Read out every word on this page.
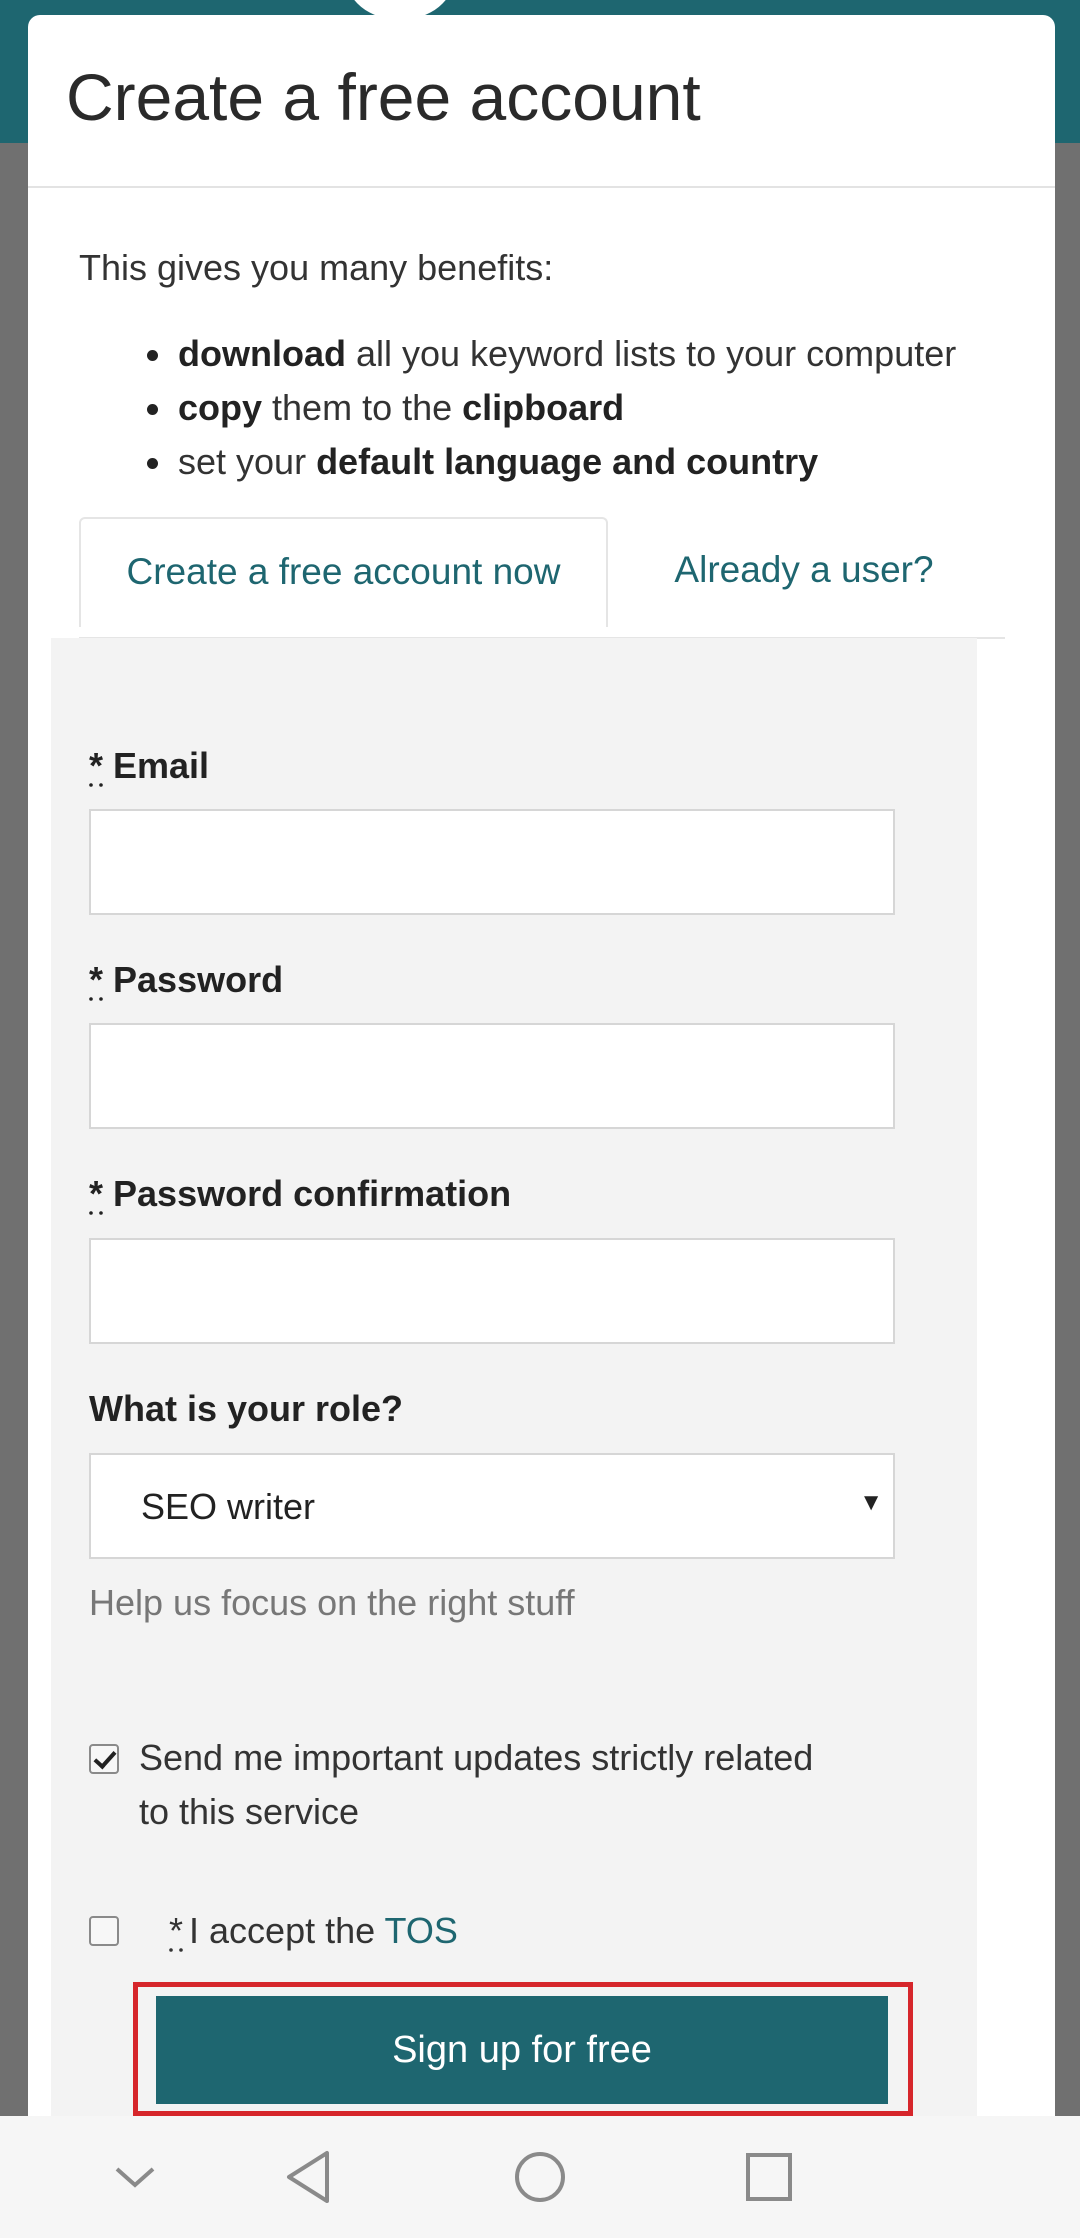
Create a free account
This gives you many benefits:
download all you keyword lists to your computer
copy them to the clipboard
set your default language and country
Create a free account now	Already a user?
* Email
* Password
* Password confirmation
What is your role?
SEO writer	▼
Help us focus on the right stuff
Send me important updates strictly related
to this service
* I accept the TOS
Sign up for free
